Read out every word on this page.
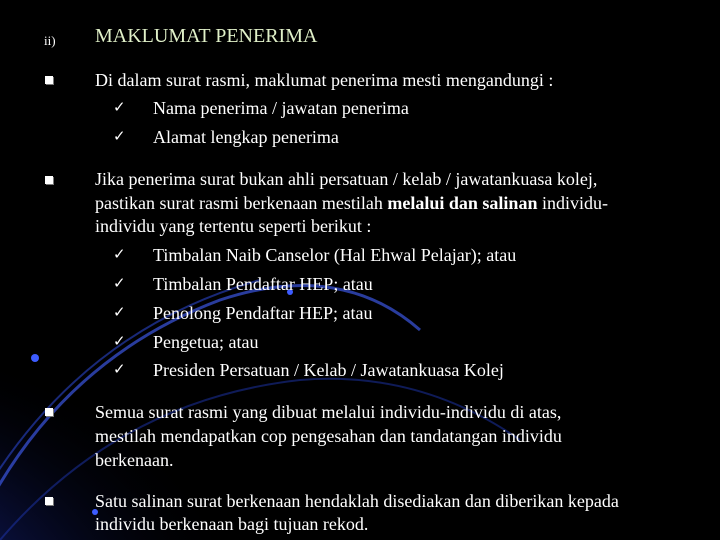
ii) MAKLUMAT PENERIMA
Di dalam surat rasmi, maklumat penerima mesti mengandungi :
✓ Nama penerima / jawatan penerima
✓ Alamat lengkap penerima
Jika penerima surat bukan ahli persatuan / kelab / jawatankuasa kolej,
pastikan surat rasmi berkenaan mestilah melalui dan salinan individu-
individu yang tertentu seperti berikut :
✓ Timbalan Naib Canselor (Hal Ehwal Pelajar); atau
✓ Timbalan Pendaftar HEP; atau
✓ Penolong Pendaftar HEP; atau
✓ Pengetua; atau
✓ Presiden Persatuan / Kelab / Jawatankuasa Kolej
Semua surat rasmi yang dibuat melalui individu-individu di atas,
mestilah mendapatkan cop pengesahan dan tandatangan individu
berkenaan.
Satu salinan surat berkenaan hendaklah disediakan dan diberikan kepada
individu berkenaan bagi tujuan rekod.
